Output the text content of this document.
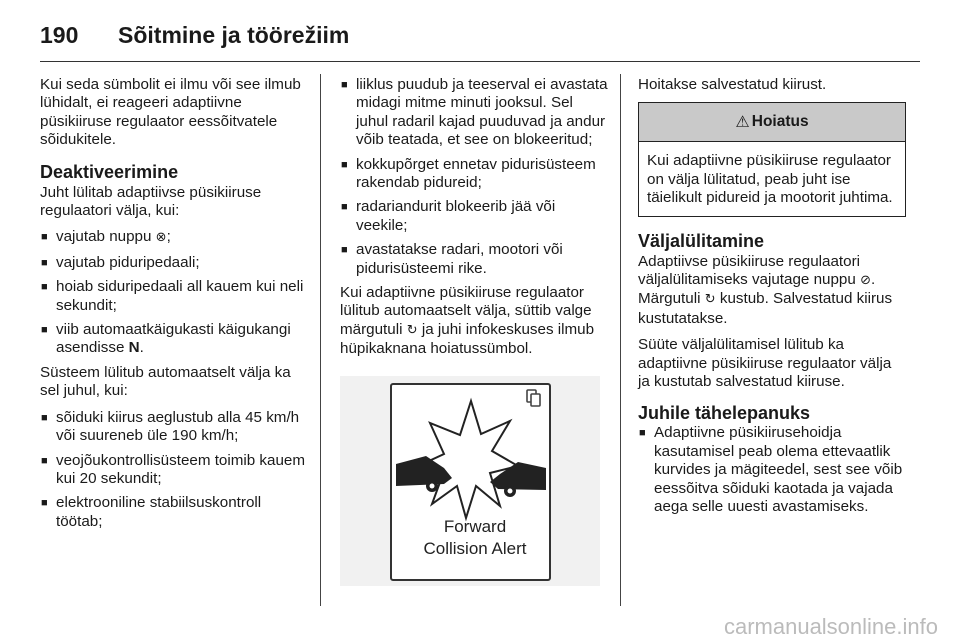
190	Sõitmine ja töörežiim

Kui seda sümbolit ei ilmu või see ilmub lühidalt, ei reageeri adaptiivne püsikiiruse regulaator eessõitvatele sõidukitele.

Deaktiveerimine

Juht lülitab adaptiivse püsikiiruse regulaatori välja, kui:

■ vajutab nuppu ⊗;
■ vajutab piduripedaali;
■ hoiab siduripedaali all kauem kui neli sekundit;
■ viib automaatkäigukasti käigukangi asendisse N.

Süsteem lülitub automaatselt välja ka sel juhul, kui:

■ sõiduki kiirus aeglustub alla 45 km/h või suureneb üle 190 km/h;
■ veojõukontrollisüsteem toimib kauem kui 20 sekundit;
■ elektrooniline stabiilsuskontroll töötab;
■ liiklus puudub ja teeserval ei avastata midagi mitme minuti jooksul. Sel juhul radaril kajad puuduvad ja andur võib teatada, et see on blokeeritud;
■ kokkupõrget ennetav pidurisüsteem rakendab pidureid;
■ radariandurit blokeerib jää või veekile;
■ avastatakse radari, mootori või pidurisüsteemi rike.

Kui adaptiivne püsikiiruse regulaator lülitub automaatselt välja, süttib valge märgutuli ↻ ja juhi infokeskuses ilmub hüpikaknana hoiatussümbol.

Forward
Collision Alert

Hoitakse salvestatud kiirust.

⚠ Hoiatus
Kui adaptiivne püsikiiruse regulaator on välja lülitatud, peab juht ise täielikult pidureid ja mootorit juhtima.
Väljalülitamine

Adaptiivse püsikiiruse regulaatori väljalülitamiseks vajutage nuppu ⊘. Märgutuli ↻ kustub. Salvestatud kiirus kustutatakse.

Süüte väljalülitamisel lülitub ka adaptiivne püsikiiruse regulaator välja ja kustutab salvestatud kiiruse.

Juhile tähelepanuks
■ Adaptiivne püsikiirusehoidja kasutamisel peab olema ettevaatlik kurvides ja mägiteedel, sest see võib eessõitva sõiduki kaotada ja vajada aega selle uuesti avastamiseks.
carmanualsonline.info
